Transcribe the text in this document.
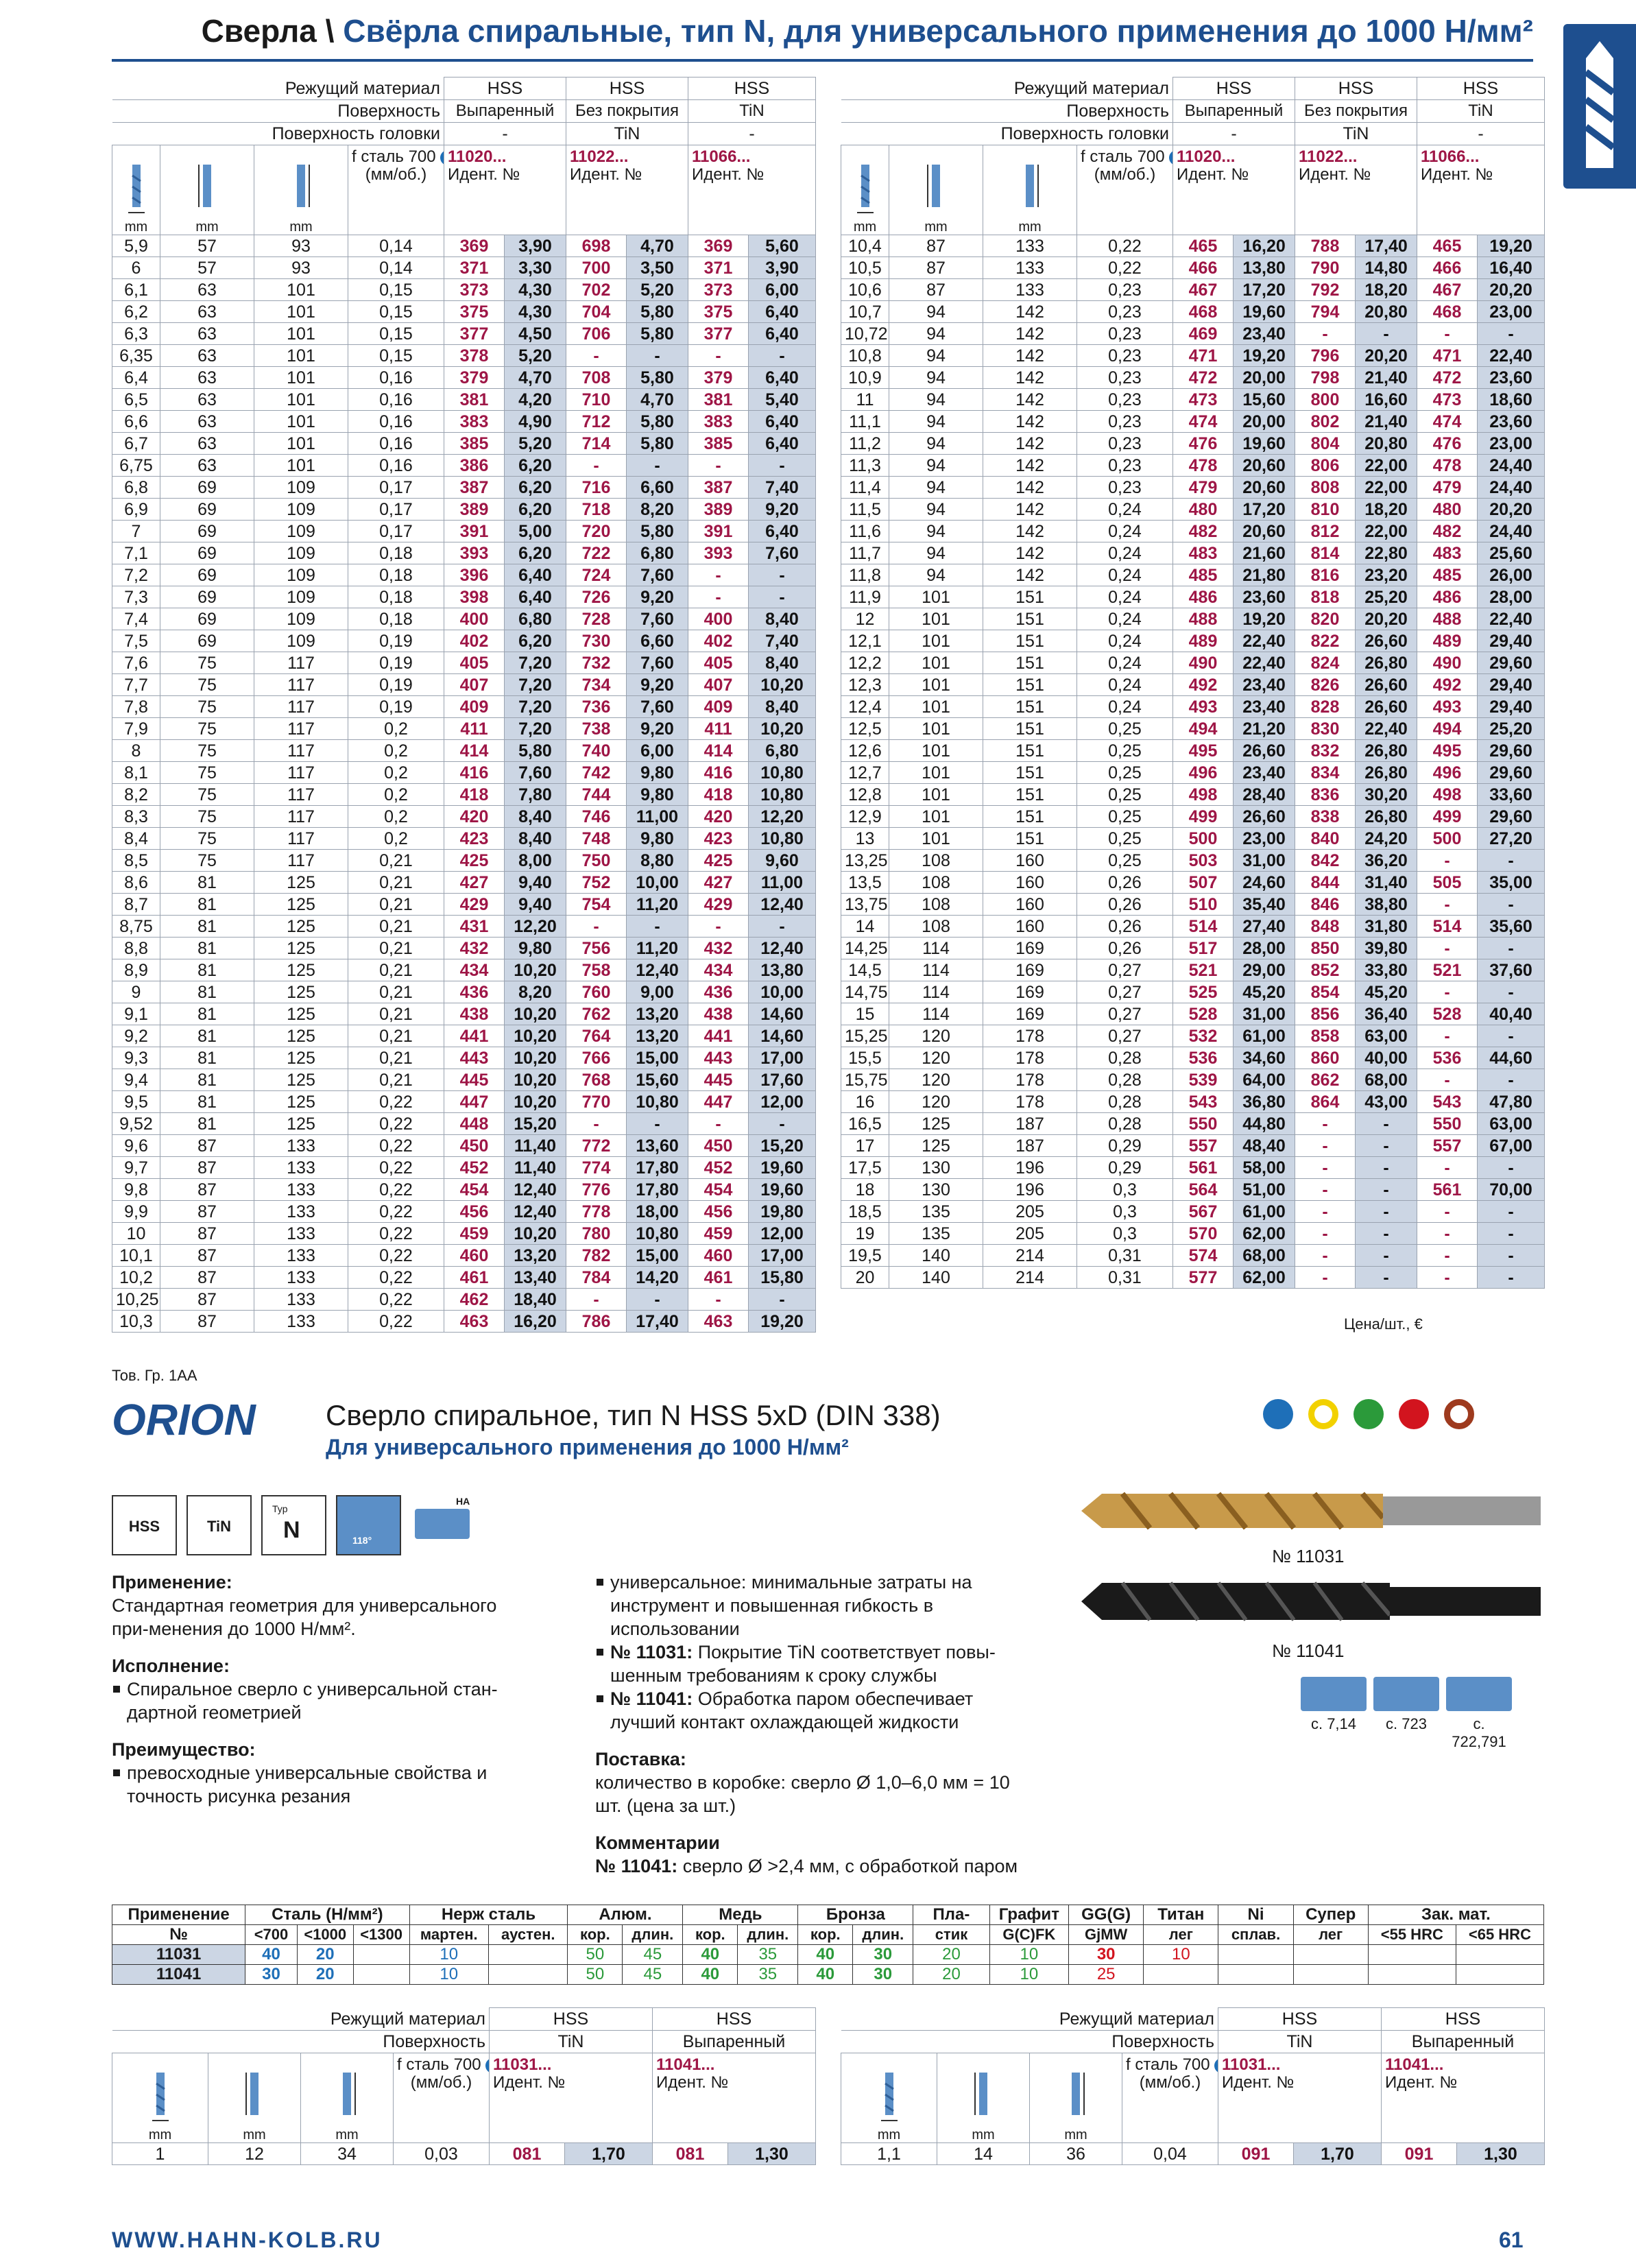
Сверла \ Свёрла спиральные, тип N, для универсального применения до 1000 Н/мм²
Режущий материал				HSS		HSS		HSS	
Поверхность				Выпаренный		Без покрытия		TiN	
Поверхность головки				-		TiN		-	

mm	mm	mm	f сталь 700
(мм/об.)	11020...
Идент. №		11022...
Идент. №		11066...
Идент. №	
5,9	57	93	0,14	369	3,90	698	4,70	369	5,60
6	57	93	0,14	371	3,30	700	3,50	371	3,90
6,1	63	101	0,15	373	4,30	702	5,20	373	6,00
6,2	63	101	0,15	375	4,30	704	5,80	375	6,40
6,3	63	101	0,15	377	4,50	706	5,80	377	6,40
6,35	63	101	0,15	378	5,20	-	-	-	-
6,4	63	101	0,16	379	4,70	708	5,80	379	6,40
6,5	63	101	0,16	381	4,20	710	4,70	381	5,40
6,6	63	101	0,16	383	4,90	712	5,80	383	6,40
6,7	63	101	0,16	385	5,20	714	5,80	385	6,40
6,75	63	101	0,16	386	6,20	-	-	-	-
6,8	69	109	0,17	387	6,20	716	6,60	387	7,40
6,9	69	109	0,17	389	6,20	718	8,20	389	9,20
7	69	109	0,17	391	5,00	720	5,80	391	6,40
7,1	69	109	0,18	393	6,20	722	6,80	393	7,60
7,2	69	109	0,18	396	6,40	724	7,60	-	-
7,3	69	109	0,18	398	6,40	726	9,20	-	-
7,4	69	109	0,18	400	6,80	728	7,60	400	8,40
7,5	69	109	0,19	402	6,20	730	6,60	402	7,40
7,6	75	117	0,19	405	7,20	732	7,60	405	8,40
7,7	75	117	0,19	407	7,20	734	9,20	407	10,20
7,8	75	117	0,19	409	7,20	736	7,60	409	8,40
7,9	75	117	0,2	411	7,20	738	9,20	411	10,20
8	75	117	0,2	414	5,80	740	6,00	414	6,80
8,1	75	117	0,2	416	7,60	742	9,80	416	10,80
8,2	75	117	0,2	418	7,80	744	9,80	418	10,80
8,3	75	117	0,2	420	8,40	746	11,00	420	12,20
8,4	75	117	0,2	423	8,40	748	9,80	423	10,80
8,5	75	117	0,21	425	8,00	750	8,80	425	9,60
8,6	81	125	0,21	427	9,40	752	10,00	427	11,00
8,7	81	125	0,21	429	9,40	754	11,20	429	12,40
8,75	81	125	0,21	431	12,20	-	-	-	-
8,8	81	125	0,21	432	9,80	756	11,20	432	12,40
8,9	81	125	0,21	434	10,20	758	12,40	434	13,80
9	81	125	0,21	436	8,20	760	9,00	436	10,00
9,1	81	125	0,21	438	10,20	762	13,20	438	14,60
9,2	81	125	0,21	441	10,20	764	13,20	441	14,60
9,3	81	125	0,21	443	10,20	766	15,00	443	17,00
9,4	81	125	0,21	445	10,20	768	15,60	445	17,60
9,5	81	125	0,22	447	10,20	770	10,80	447	12,00
9,52	81	125	0,22	448	15,20	-	-	-	-
9,6	87	133	0,22	450	11,40	772	13,60	450	15,20
9,7	87	133	0,22	452	11,40	774	17,80	452	19,60
9,8	87	133	0,22	454	12,40	776	17,80	454	19,60
9,9	87	133	0,22	456	12,40	778	18,00	456	19,80
10	87	133	0,22	459	10,20	780	10,80	459	12,00
10,1	87	133	0,22	460	13,20	782	15,00	460	17,00
10,2	87	133	0,22	461	13,40	784	14,20	461	15,80
10,25	87	133	0,22	462	18,40	-	-	-	-
10,3	87	133	0,22	463	16,20	786	17,40	463	19,20
Режущий материал				HSS		HSS		HSS	
Поверхность				Выпаренный		Без покрытия		TiN	
Поверхность головки				-		TiN		-	

mm	mm	mm	f сталь 700
(мм/об.)	11020...
Идент. №		11022...
Идент. №		11066...
Идент. №	
10,4	87	133	0,22	465	16,20	788	17,40	465	19,20
10,5	87	133	0,22	466	13,80	790	14,80	466	16,40
10,6	87	133	0,23	467	17,20	792	18,20	467	20,20
10,7	94	142	0,23	468	19,60	794	20,80	468	23,00
10,72	94	142	0,23	469	23,40	-	-	-	-
10,8	94	142	0,23	471	19,20	796	20,20	471	22,40
10,9	94	142	0,23	472	20,00	798	21,40	472	23,60
11	94	142	0,23	473	15,60	800	16,60	473	18,60
11,1	94	142	0,23	474	20,00	802	21,40	474	23,60
11,2	94	142	0,23	476	19,60	804	20,80	476	23,00
11,3	94	142	0,23	478	20,60	806	22,00	478	24,40
11,4	94	142	0,23	479	20,60	808	22,00	479	24,40
11,5	94	142	0,24	480	17,20	810	18,20	480	20,20
11,6	94	142	0,24	482	20,60	812	22,00	482	24,40
11,7	94	142	0,24	483	21,60	814	22,80	483	25,60
11,8	94	142	0,24	485	21,80	816	23,20	485	26,00
11,9	101	151	0,24	486	23,60	818	25,20	486	28,00
12	101	151	0,24	488	19,20	820	20,20	488	22,40
12,1	101	151	0,24	489	22,40	822	26,60	489	29,40
12,2	101	151	0,24	490	22,40	824	26,80	490	29,60
12,3	101	151	0,24	492	23,40	826	26,60	492	29,40
12,4	101	151	0,24	493	23,40	828	26,60	493	29,40
12,5	101	151	0,25	494	21,20	830	22,40	494	25,20
12,6	101	151	0,25	495	26,60	832	26,80	495	29,60
12,7	101	151	0,25	496	23,40	834	26,80	496	29,60
12,8	101	151	0,25	498	28,40	836	30,20	498	33,60
12,9	101	151	0,25	499	26,60	838	26,80	499	29,60
13	101	151	0,25	500	23,00	840	24,20	500	27,20
13,25	108	160	0,25	503	31,00	842	36,20	-	-
13,5	108	160	0,26	507	24,60	844	31,40	505	35,00
13,75	108	160	0,26	510	35,40	846	38,80	-	-
14	108	160	0,26	514	27,40	848	31,80	514	35,60
14,25	114	169	0,26	517	28,00	850	39,80	-	-
14,5	114	169	0,27	521	29,00	852	33,80	521	37,60
14,75	114	169	0,27	525	45,20	854	45,20	-	-
15	114	169	0,27	528	31,00	856	36,40	528	40,40
15,25	120	178	0,27	532	61,00	858	63,00	-	-
15,5	120	178	0,28	536	34,60	860	40,00	536	44,60
15,75	120	178	0,28	539	64,00	862	68,00	-	-
16	120	178	0,28	543	36,80	864	43,00	543	47,80
16,5	125	187	0,28	550	44,80	-	-	550	63,00
17	125	187	0,29	557	48,40	-	-	557	67,00
17,5	130	196	0,29	561	58,00	-	-	-	-
18	130	196	0,3	564	51,00	-	-	561	70,00
18,5	135	205	0,3	567	61,00	-	-	-	-
19	135	205	0,3	570	62,00	-	-	-	-
19,5	140	214	0,31	574	68,00	-	-	-	-
20	140	214	0,31	577	62,00	-	-	-	-

Цена/шт., €
Тов. Гр. 1AA
ORION Сверло спиральное, тип N HSS 5xD (DIN 338)
Для универсального применения до 1000 Н/мм²
HSS	TiN
Typ
N	118°
HA
№ 11031
№ 11041
с. 7,14 с. 723	с. 722,791
Применение:

Стандартная геометрия для универсального при-менения до 1000 Н/мм².

Исполнение:

Спиральное сверло с универсальной стан-дартной геометрией

Преимущество:

превосходные универсальные свойства и точность рисунка резания

универсальное: минимальные затраты на инструмент и повышенная гибкость в использовании

№ 11031: Покрытие TiN соответствует повы-шенным требованиям к сроку службы

№ 11041: Обработка паром обеспечивает лучший контакт охлаждающей жидкости

Поставка:

количество в коробке: сверло Ø 1,0–6,0 мм = 10 шт. (цена за шт.)

Комментарии

№ 11041: сверло Ø >2,4 мм, с обработкой паром

Применение	Сталь (Н/мм²)			Нерж сталь		Алюм.		Медь		Бронза		Пла-	Графит	GG(G)	Титан	Ni	Супер	Зак. мат.	
№	<700	<1000	<1300	мартен.	аустен.	кор.	длин.	кор.	длин.	кор.	длин.	стик	G(C)FK	GjMW	лег	сплав.	лег	<55 HRC	<65 HRC
11031	40	20		10		50	45	40	35	40	30	20	10	30	10				
11041	30	20		10		50	45	40	35	40	30	20	10	25					
Режущий материал				HSS		HSS	
Поверхность				TiN		Выпаренный	

mm	mm	mm	f сталь 700
(мм/об.)	11031...
Идент. №		11041...
Идент. №	
1	12	34	0,03	081	1,70	081	1,30
Режущий материал				HSS		HSS	
Поверхность				TiN		Выпаренный	

mm	mm	mm	f сталь 700
(мм/об.)	11031...
Идент. №		11041...
Идент. №	
1,1	14	36	0,04	091	1,70	091	1,30
WWW.HAHN-KOLB.RU	61
